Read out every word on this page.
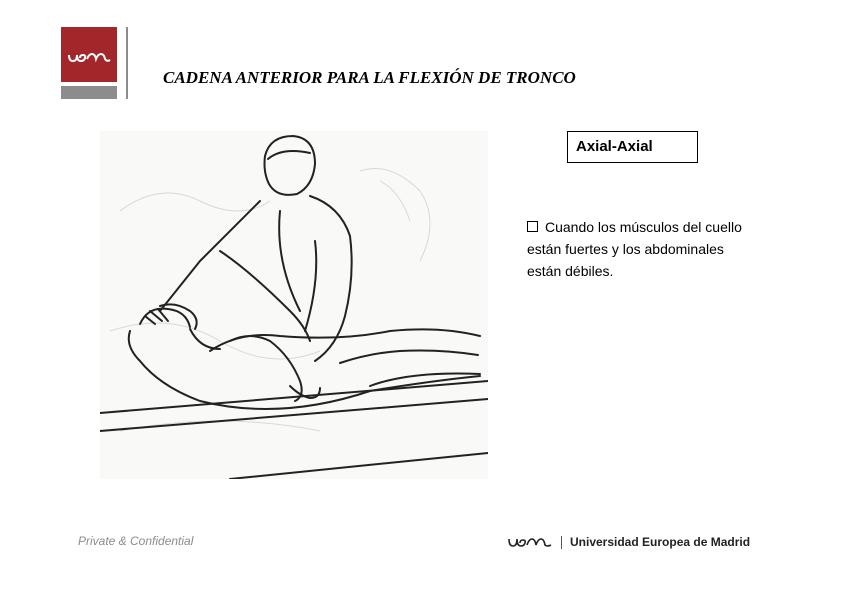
CADENA ANTERIOR PARA LA FLEXIÓN DE TRONCO
Axial-Axial
Cuando los músculos del cuello están fuertes y los abdominales están débiles.
Private & Confidential	Universidad Europea de Madrid
